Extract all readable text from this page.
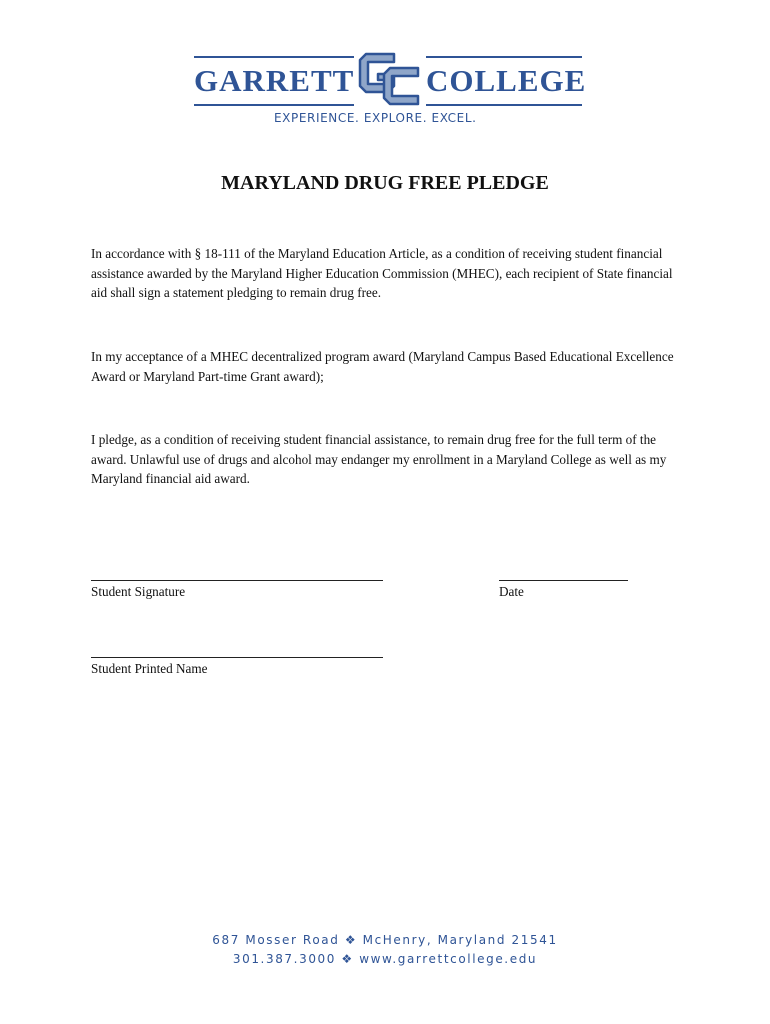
GARRETT COLLEGE
EXPERIENCE. EXPLORE. EXCEL.
MARYLAND DRUG FREE PLEDGE

In accordance with § 18-111 of the Maryland Education Article, as a condition of receiving student financial assistance awarded by the Maryland Higher Education Commission (MHEC), each recipient of State financial aid shall sign a statement pledging to remain drug free.

In my acceptance of a MHEC decentralized program award (Maryland Campus Based Educational Excellence Award or Maryland Part-time Grant award);

I pledge, as a condition of receiving student financial assistance, to remain drug free for the full term of the award. Unlawful use of drugs and alcohol may endanger my enrollment in a Maryland College as well as my Maryland financial aid award.

Student Signature	Date
Student Printed Name
687 Mosser Road ❖ McHenry, Maryland 21541
301.387.3000 ❖ www.garrettcollege.edu
